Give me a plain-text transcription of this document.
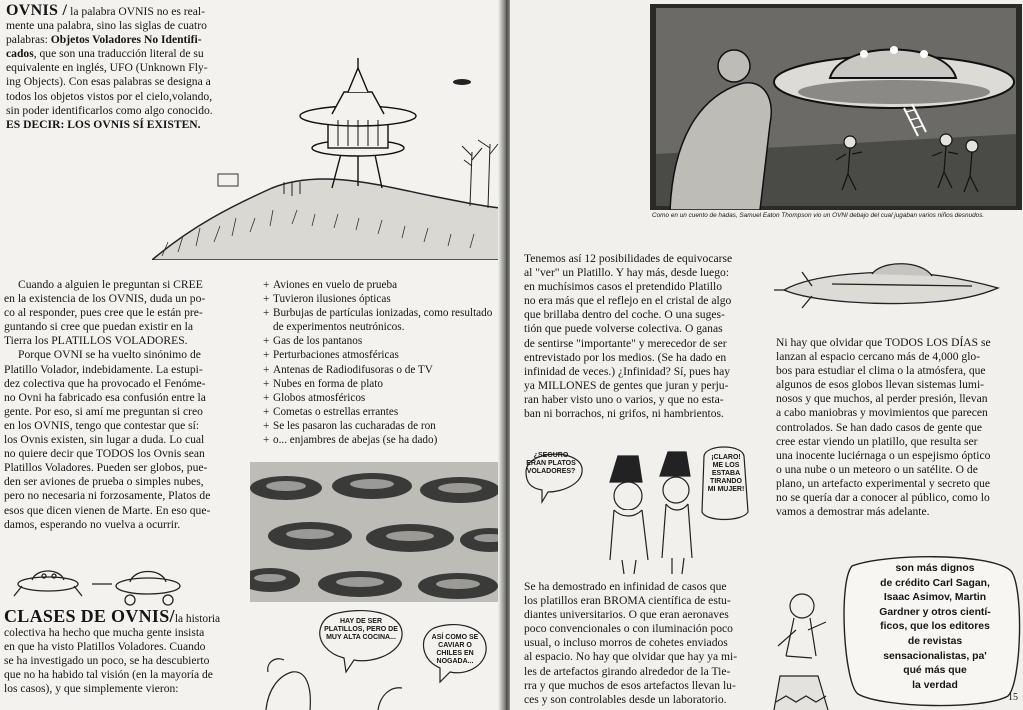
OVNIS / la palabra OVNIS no es real-

mente una palabra, sino las siglas de cuatro

palabras: Objetos Voladores No Identifi-

cados, que son una traducción literal de su

equivalente en inglés, UFO (Unknown Fly-

ing Objects). Con esas palabras se designa a

todos los objetos vistos por el cielo,volando,

sin poder identificarlos como algo conocido.

ES DECIR: LOS OVNIS SÍ EXISTEN.

Cuando a alguien le preguntan si CREE

en la existencia de los OVNIS, duda un po-

co al responder, pues cree que le están pre-

guntando si cree que puedan existir en la

Tierra los PLATILLOS VOLADORES.

Porque OVNI se ha vuelto sinónimo de

Platillo Volador, indebidamente. La estupi-

dez colectiva que ha provocado el Fenóme-

no Ovni ha fabricado esa confusión entre la

gente. Por eso, si amí me preguntan si creo

en los OVNIS, tengo que contestar que sí:

los Ovnis existen, sin lugar a duda. Lo cual

no quiere decir que TODOS los Ovnis sean

Platillos Voladores. Pueden ser globos, pue-

den ser aviones de prueba o simples nubes,

pero no necesaria ni forzosamente, Platos de

esos que dicen vienen de Marte. En eso que-

damos, esperando no vuelva a ocurrir.

+ Aviones en vuelo de prueba
+ Tuvieron ilusiones ópticas
+ Burbujas de partículas ionizadas, como resultado de experimentos neutrónicos.
+ Gas de los pantanos
+ Perturbaciones atmosféricas
+ Antenas de Radiodifusoras o de TV
+ Nubes en forma de plato
+ Globos atmosféricos
+ Cometas o estrellas errantes
+ Se les pasaron las cucharadas de ron
+ o... enjambres de abejas (se ha dado)

CLASES DE OVNIS/la historia

colectiva ha hecho que mucha gente insista

en que ha visto Platillos Voladores. Cuando

se ha investigado un poco, se ha descubierto

que no ha habido tal visión (en la mayoría de

los casos), y que simplemente vieron:

HAY DE SER PLATILLOS, PERO DE MUY ALTA COCINA...	ASÍ COMO SE CAVIAR O CHILES EN NOGADA...
Como en un cuento de hadas, Samuel Eaton Thompson vio un OVNI debajo del cual jugaban varios niños desnudos.

Tenemos así 12 posibilidades de equivocarse

al "ver" un Platillo. Y hay más, desde luego:

en muchísimos casos el pretendido Platillo

no era más que el reflejo en el cristal de algo

que brillaba dentro del coche. O una suges-

tión que puede volverse colectiva. O ganas

de sentirse "importante" y merecedor de ser

entrevistado por los medios. (Se ha dado en

infinidad de veces.) ¿Infinidad? Sí, pues hay

ya MILLONES de gentes que juran y perju-

ran haber visto uno o varios, y que no esta-

ban ni borrachos, ni grifos, ni hambrientos.

¿SEGURO ERAN PLATOS VOLADORES?
¡CLARO! ME LOS ESTABA TIRANDO MI MUJER!

Se ha demostrado en infinidad de casos que

los platillos eran BROMA científica de estu-

diantes universitarios. O que eran aeronaves

poco convencionales o con iluminación poco

usual, o incluso morros de cohetes enviados

al espacio. No hay que olvidar que hay ya mi-

les de artefactos girando alrededor de la Tie-

rra y que muchos de esos artefactos llevan lu-

ces y son controlables desde un laboratorio.

Ni hay que olvidar que TODOS LOS DÍAS se

lanzan al espacio cercano más de 4,000 glo-

bos para estudiar el clima o la atmósfera, que

algunos de esos globos llevan sistemas lumi-

nosos y que muchos, al perder presión, llevan

a cabo maniobras y movimientos que parecen

controlados. Se han dado casos de gente que

cree estar viendo un platillo, que resulta ser

una inocente luciérnaga o un espejismo óptico

o una nube o un meteoro o un satélite. O de

plano, un artefacto experimental y secreto que

no se quería dar a conocer al público, como lo

vamos a demostrar más adelante.

son más dignos
de crédito Carl Sagan,
Isaac Asimov, Martin
Gardner y otros cientí-
ficos, que los editores
de revistas
sensacionalistas, pa'
qué más que
la verdad
15
